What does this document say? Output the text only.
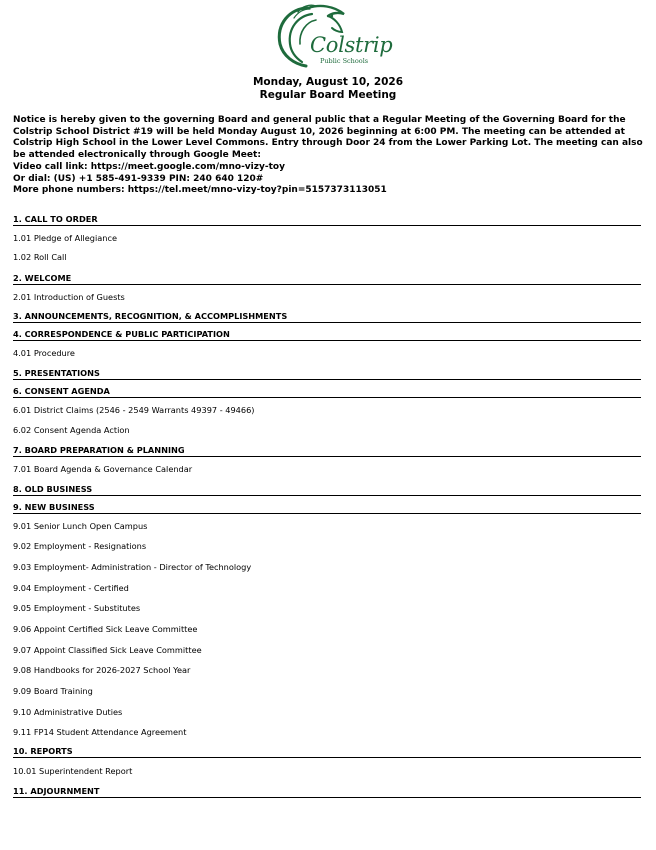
Colstrip
Public Schools
Monday, August 10, 2026
Regular Board Meeting

Notice is hereby given to the governing Board and general public that a Regular Meeting of the Governing Board for the Colstrip School District #19 will be held Monday August 10, 2026 beginning at 6:00 PM. The meeting can be attended at Colstrip High School in the Lower Level Commons. Entry through Door 24 from the Lower Parking Lot. The meeting can also be attended electronically through Google Meet:

Video call link: https://meet.google.com/mno-vizy-toy

Or dial: (US) +1 585-491-9339 PIN: 240 640 120#

More phone numbers: https://tel.meet/mno-vizy-toy?pin=5157373113051

1. CALL TO ORDER
2. WELCOME
3. ANNOUNCEMENTS, RECOGNITION, & ACCOMPLISHMENTS
4. CORRESPONDENCE & PUBLIC PARTICIPATION
5. PRESENTATIONS
6. CONSENT AGENDA
7. BOARD PREPARATION & PLANNING
8. OLD BUSINESS
9. NEW BUSINESS
10. REPORTS
11. ADJOURNMENT
1.01 Pledge of Allegiance
1.02 Roll Call
2.01 Introduction of Guests
4.01 Procedure
6.01 District Claims (2546 - 2549 Warrants 49397 - 49466)
6.02 Consent Agenda Action
7.01 Board Agenda & Governance Calendar
9.01 Senior Lunch Open Campus
9.02 Employment - Resignations
9.03 Employment- Administration - Director of Technology
9.04 Employment - Certified
9.05 Employment - Substitutes
9.06 Appoint Certified Sick Leave Committee
9.07 Appoint Classified Sick Leave Committee
9.08 Handbooks for 2026-2027 School Year
9.09 Board Training
9.10 Administrative Duties
9.11 FP14 Student Attendance Agreement
10.01 Superintendent Report
